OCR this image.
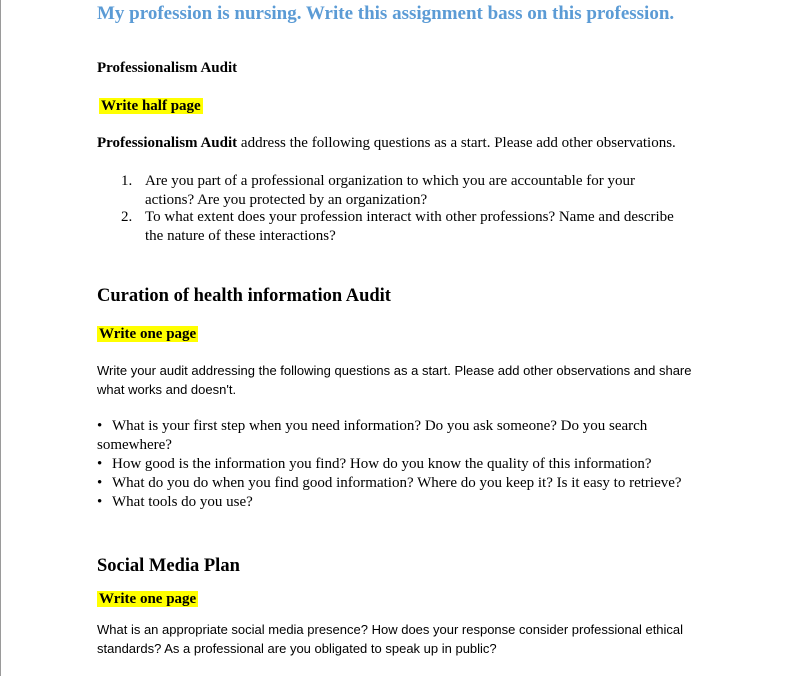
My profession is nursing. Write this assignment bass on this profession.
Professionalism Audit
Write half page
Professionalism Audit address the following questions as a start. Please add other observations.
1. Are you part of a professional organization to which you are accountable for your
actions? Are you protected by an organization?
2. To what extent does your profession interact with other professions? Name and describe
the nature of these interactions?
Curation of health information Audit
Write one page
Write your audit addressing the following questions as a start. Please add other observations and share
what works and doesn't.
• What is your first step when you need information? Do you ask someone? Do you search
somewhere?
• How good is the information you find? How do you know the quality of this information?
• What do you do when you find good information? Where do you keep it? Is it easy to retrieve?
• What tools do you use?
Social Media Plan
Write one page
What is an appropriate social media presence? How does your response consider professional ethical
standards? As a professional are you obligated to speak up in public?
